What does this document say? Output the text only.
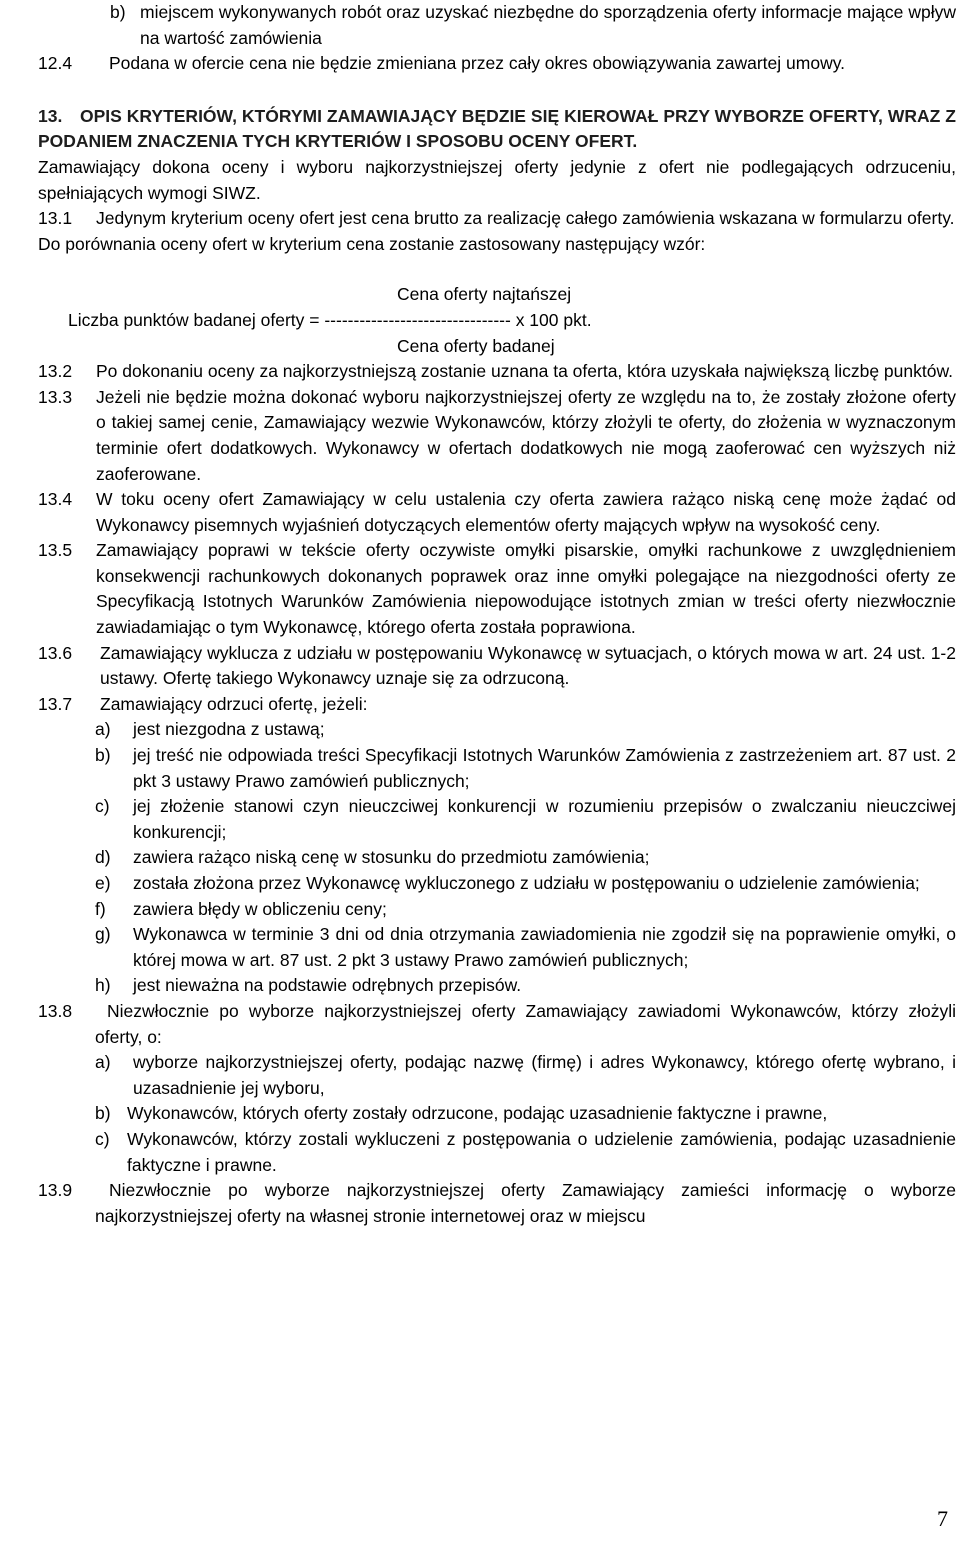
b) miejscem wykonywanych robót oraz uzyskać niezbędne do sporządzenia oferty informacje mające wpływ na wartość zamówienia
12.4	Podana w ofercie cena nie będzie zmieniana przez cały okres obowiązywania zawartej umowy.
13. OPIS KRYTERIÓW, KTÓRYMI ZAMAWIAJĄCY BĘDZIE SIĘ KIEROWAŁ PRZY WYBORZE OFERTY, WRAZ Z PODANIEM ZNACZENIA TYCH KRYTERIÓW I SPOSOBU OCENY OFERT.
Zamawiający dokona oceny i wyboru najkorzystniejszej oferty jedynie z ofert nie podlegających odrzuceniu, spełniających wymogi SIWZ.
13.1	Jedynym kryterium oceny ofert jest cena brutto za realizację całego zamówienia wskazana w formularzu oferty.
Do porównania oceny ofert w kryterium cena zostanie zastosowany następujący wzór:
Cena oferty najtańszej
Liczba punktów badanej oferty = -------------------------------- x 100 pkt.
Cena oferty badanej
13.2	Po dokonaniu oceny za najkorzystniejszą zostanie uznana ta oferta, która uzyskała największą liczbę punktów.
13.3	Jeżeli nie będzie można dokonać wyboru najkorzystniejszej oferty ze względu na to, że zostały złożone oferty o takiej samej cenie, Zamawiający wezwie Wykonawców, którzy złożyli te oferty, do złożenia w wyznaczonym terminie ofert dodatkowych. Wykonawcy w ofertach dodatkowych nie mogą zaoferować cen wyższych niż zaoferowane.
13.4	W toku oceny ofert Zamawiający w celu ustalenia czy oferta zawiera rażąco niską cenę może żądać od Wykonawcy pisemnych wyjaśnień dotyczących elementów oferty mających wpływ na wysokość ceny.
13.5	Zamawiający poprawi w tekście oferty oczywiste omyłki pisarskie, omyłki rachunkowe z uwzględnieniem konsekwencji rachunkowych dokonanych poprawek oraz inne omyłki polegające na niezgodności oferty ze Specyfikacją Istotnych Warunków Zamówienia niepowodujące istotnych zmian w treści oferty niezwłocznie zawiadamiając o tym Wykonawcę, którego oferta została poprawiona.
13.6	Zamawiający wyklucza z udziału w postępowaniu Wykonawcę w sytuacjach, o których mowa w art. 24 ust. 1-2 ustawy. Ofertę takiego Wykonawcy uznaje się za odrzuconą.
13.7	Zamawiający odrzuci ofertę, jeżeli:
a)	jest niezgodna z ustawą;
b)	jej treść nie odpowiada treści Specyfikacji Istotnych Warunków Zamówienia z zastrzeżeniem art. 87 ust. 2 pkt 3 ustawy Prawo zamówień publicznych;
c)	jej złożenie stanowi czyn nieuczciwej konkurencji w rozumieniu przepisów o zwalczaniu nieuczciwej konkurencji;
d)	zawiera rażąco niską cenę w stosunku do przedmiotu zamówienia;
e)	została złożona przez Wykonawcę wykluczonego z udziału w postępowaniu o udzielenie zamówienia;
f)	zawiera błędy w obliczeniu ceny;
g)	Wykonawca w terminie 3 dni od dnia otrzymania zawiadomienia nie zgodził się na poprawienie omyłki, o której mowa w art. 87 ust. 2 pkt 3 ustawy Prawo zamówień publicznych;
h)	jest nieważna na podstawie odrębnych przepisów.
13.8	Niezwłocznie po wyborze najkorzystniejszej oferty Zamawiający zawiadomi Wykonawców, którzy złożyli oferty, o:
a)	wyborze najkorzystniejszej oferty, podając nazwę (firmę) i adres Wykonawcy, którego ofertę wybrano, i uzasadnienie jej wyboru,
b) Wykonawców, których oferty zostały odrzucone, podając uzasadnienie faktyczne i prawne,
c) Wykonawców, którzy zostali wykluczeni z postępowania o udzielenie zamówienia, podając uzasadnienie faktyczne i prawne.
13.9	Niezwłocznie po wyborze najkorzystniejszej oferty Zamawiający zamieści informację o wyborze najkorzystniejszej oferty na własnej stronie internetowej oraz w miejscu
7
